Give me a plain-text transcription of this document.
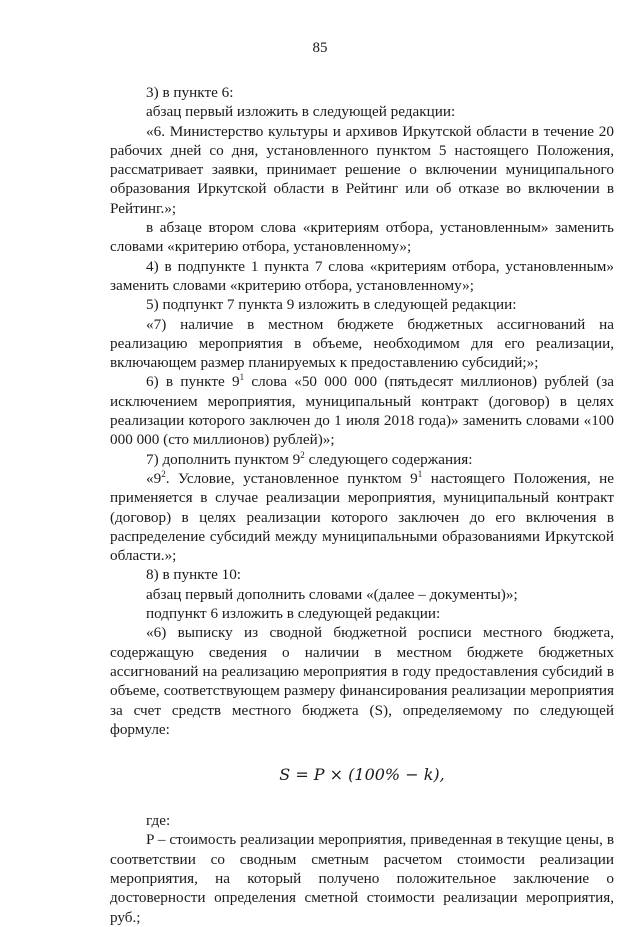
85

3) в пункте 6:

абзац первый изложить в следующей редакции:

«6. Министерство культуры и архивов Иркутской области в течение 20 рабочих дней со дня, установленного пунктом 5 настоящего Положения, рассматривает заявки, принимает решение о включении муниципального образования Иркутской области в Рейтинг или об отказе во включении в Рейтинг.»;

в абзаце втором слова «критериям отбора, установленным» заменить словами «критерию отбора, установленному»;

4) в подпункте 1 пункта 7 слова «критериям отбора, установленным» заменить словами «критерию отбора, установленному»;

5) подпункт 7 пункта 9 изложить в следующей редакции:

«7) наличие в местном бюджете бюджетных ассигнований на реализацию мероприятия в объеме, необходимом для его реализации, включающем размер планируемых к предоставлению субсидий;»;

6) в пункте $9^1$ слова «50 000 000 (пятьдесят миллионов) рублей (за исключением мероприятия, муниципальный контракт (договор) в целях реализации которого заключен до 1 июля 2018 года)» заменить словами «100 000 000 (сто миллионов) рублей)»;

7) дополнить пунктом $9^2$ следующего содержания:

«$9^2$. Условие, установленное пунктом $9^1$ настоящего Положения, не применяется в случае реализации мероприятия, муниципальный контракт (договор) в целях реализации которого заключен до его включения в распределение субсидий между муниципальными образованиями Иркутской области.»;

8) в пункте 10:

абзац первый дополнить словами «(далее – документы)»;

подпункт 6 изложить в следующей редакции:

«6) выписку из сводной бюджетной росписи местного бюджета, содержащую сведения о наличии в местном бюджете бюджетных ассигнований на реализацию мероприятия в году предоставления субсидий в объеме, соответствующем размеру финансирования реализации мероприятия за счет средств местного бюджета (S), определяемому по следующей формуле:

S = P × (100% − k),

где:

P – стоимость реализации мероприятия, приведенная в текущие цены, в соответствии со сводным сметным расчетом стоимости реализации мероприятия, на который получено положительное заключение о достоверности определения сметной стоимости реализации мероприятия, руб.;
